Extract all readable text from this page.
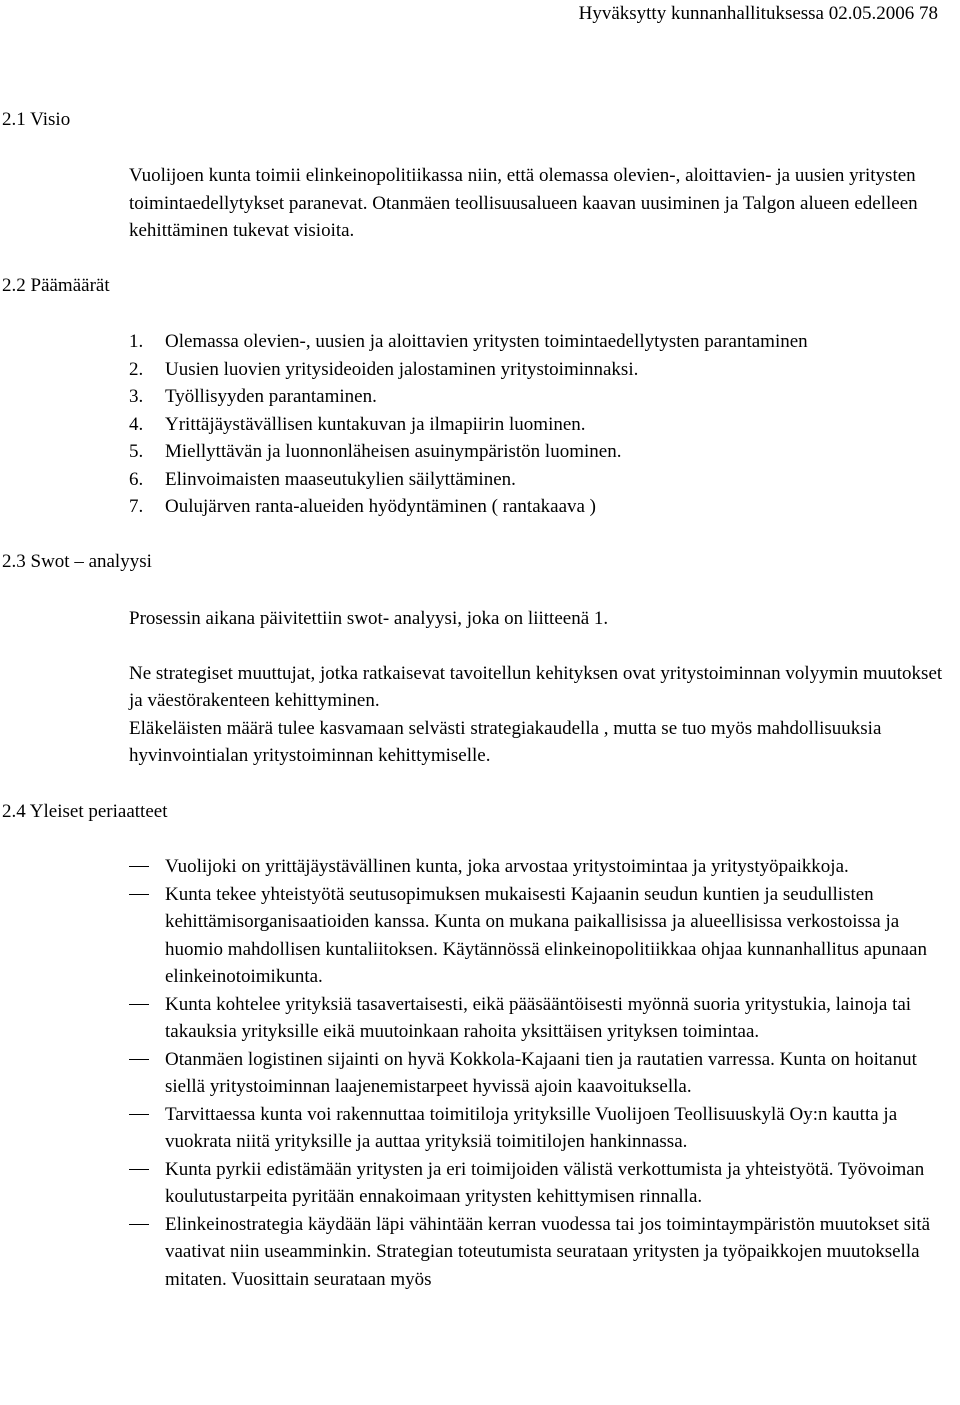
Hyväksytty kunnanhallituksessa 02.05.2006 78
2.1 Visio

Vuolijoen kunta toimii elinkeinopolitiikassa niin, että olemassa olevien-, aloittavien- ja uusien yritysten toimintaedellytykset paranevat. Otanmäen teollisuusalueen kaavan uusiminen ja Talgon alueen edelleen kehittäminen tukevat visioita.

2.2 Päämäärät
1.	Olemassa olevien-, uusien ja aloittavien yritysten toimintaedellytysten parantaminen
2.	Uusien luovien yritysideoiden jalostaminen yritystoiminnaksi.
3.	Työllisyyden parantaminen.
4.	Yrittäjäystävällisen kuntakuvan ja ilmapiirin luominen.
5.	Miellyttävän ja luonnonläheisen asuinympäristön luominen.
6.	Elinvoimaisten maaseutukylien säilyttäminen.
7.	Oulujärven ranta-alueiden hyödyntäminen ( rantakaava )
2.3 Swot – analyysi

Prosessin aikana päivitettiin swot- analyysi, joka on liitteenä 1.

Ne strategiset muuttujat, jotka ratkaisevat tavoitellun kehityksen ovat yritystoiminnan volyymin muutokset ja väestörakenteen kehittyminen.

Eläkeläisten määrä tulee kasvamaan selvästi strategiakaudella , mutta se tuo myös mahdollisuuksia hyvinvointialan yritystoiminnan kehittymiselle.

2.4 Yleiset periaatteet
Vuolijoki on yrittäjäystävällinen kunta, joka arvostaa yritystoimintaa ja yritystyöpaikkoja.
Kunta tekee yhteistyötä seutusopimuksen mukaisesti Kajaanin seudun kuntien ja seudullisten kehittämisorganisaatioiden kanssa. Kunta on mukana paikallisissa ja alueellisissa verkostoissa ja huomio mahdollisen kuntaliitoksen. Käytännössä elinkeinopolitiikkaa ohjaa kunnanhallitus apunaan elinkeinotoimikunta.
Kunta kohtelee yrityksiä tasavertaisesti, eikä pääsääntöisesti myönnä suoria yritystukia, lainoja tai takauksia yrityksille eikä muutoinkaan rahoita yksittäisen yrityksen toimintaa.
Otanmäen logistinen sijainti on hyvä Kokkola-Kajaani tien ja rautatien varressa. Kunta on hoitanut siellä yritystoiminnan laajenemistarpeet hyvissä ajoin kaavoituksella.
Tarvittaessa kunta voi rakennuttaa toimitiloja yrityksille Vuolijoen Teollisuuskylä Oy:n kautta ja vuokrata niitä yrityksille ja auttaa yrityksiä toimitilojen hankinnassa.
Kunta pyrkii edistämään yritysten ja eri toimijoiden välistä verkottumista ja yhteistyötä. Työvoiman koulutustarpeita pyritään ennakoimaan yritysten kehittymisen rinnalla.
Elinkeinostrategia käydään läpi vähintään kerran vuodessa tai jos toimintaympäristön muutokset sitä vaativat niin useamminkin. Strategian toteutumista seurataan yritysten ja työpaikkojen muutoksella mitaten. Vuosittain seurataan myös
